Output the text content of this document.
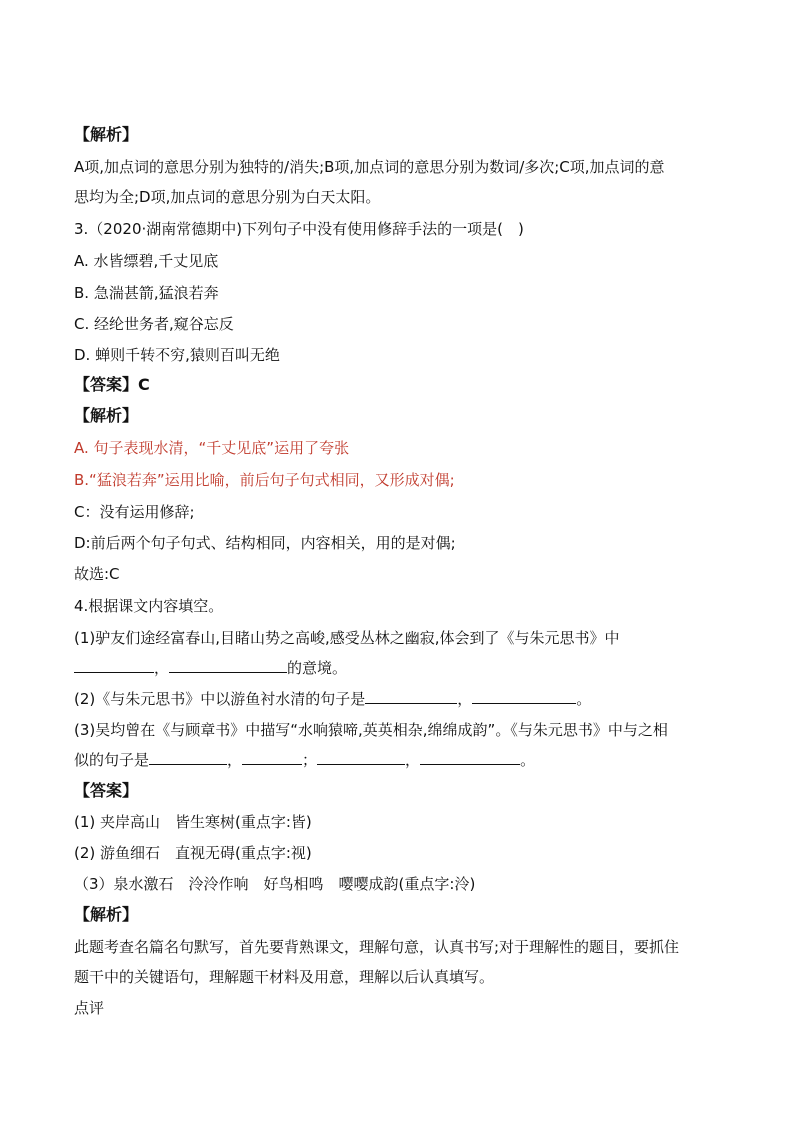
【解析】
A项,加点词的意思分别为独特的/消失;B项,加点词的意思分别为数词/多次;C项,加点词的意
思均为全;D项,加点词的意思分别为白天太阳。
3.（2020·湖南常德期中)下列句子中没有使用修辞手法的一项是(　)
A. 水皆缥碧,千丈见底
B. 急湍甚箭,猛浪若奔
C. 经纶世务者,窥谷忘反
D. 蝉则千转不穷,猿则百叫无绝
【答案】C
【解析】
A. 句子表现水清，“千丈见底”运用了夸张
B.“猛浪若奔”运用比喻，前后句子句式相同，又形成对偶;
C：没有运用修辞;
D:前后两个句子句式、结构相同，内容相关，用的是对偶;
故选:C
4.根据课文内容填空。
(1)驴友们途经富春山,目睹山势之高峻,感受丛林之幽寂,体会到了《与朱元思书》中
，	的意境。
(2)《与朱元思书》中以游鱼衬水清的句子是	，	。
(3)吴均曾在《与顾章书》中描写“水响猿啼,英英相杂,绵绵成韵”。《与朱元思书》中与之相
似的句子是	，	；	，	。
【答案】
(1) 夹岸高山　皆生寒树(重点字:皆)
(2) 游鱼细石　直视无碍(重点字:视)
（3）泉水激石　泠泠作响　好鸟相鸣　嘤嘤成韵(重点字:泠)
【解析】
此题考查名篇名句默写，首先要背熟课文，理解句意，认真书写;对于理解性的题目，要抓住
题干中的关键语句，理解题干材料及用意，理解以后认真填写。
点评
